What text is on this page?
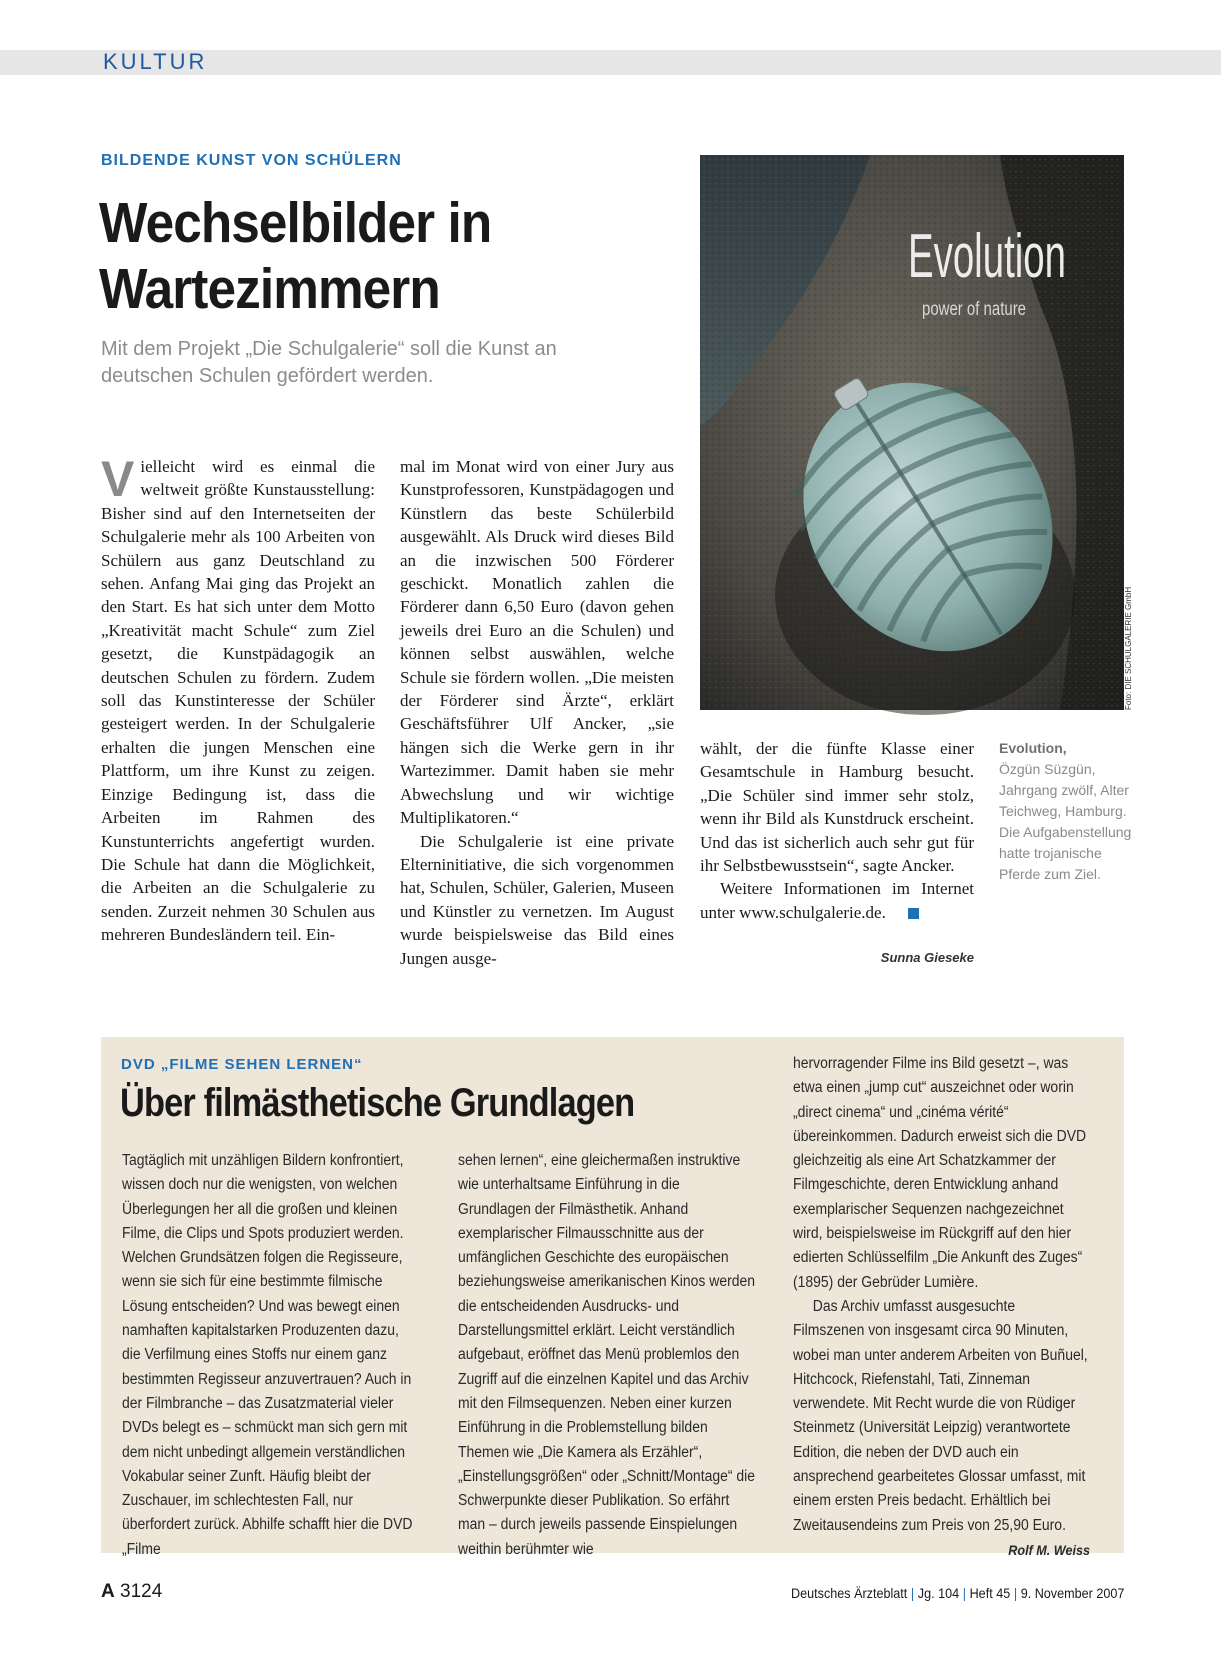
KULTUR
BILDENDE KUNST VON SCHÜLERN
Wechselbilder in
Wartezimmern
Mit dem Projekt „Die Schulgalerie“ soll die Kunst an deutschen Schulen gefördert werden.

Vielleicht wird es einmal die weltweit größte Kunstausstellung: Bisher sind auf den Internetseiten der Schulgalerie mehr als 100 Arbeiten von Schülern aus ganz Deutschland zu sehen. Anfang Mai ging das Projekt an den Start. Es hat sich unter dem Motto „Kreativität macht Schule“ zum Ziel gesetzt, die Kunstpädagogik an deutschen Schulen zu fördern. Zudem soll das Kunstinteresse der Schüler gesteigert werden. In der Schulgalerie erhalten die jungen Menschen eine Plattform, um ihre Kunst zu zeigen. Einzige Bedingung ist, dass die Arbeiten im Rahmen des Kunstunterrichts angefertigt wurden. Die Schule hat dann die Möglichkeit, die Arbeiten an die Schulgalerie zu senden. Zurzeit nehmen 30 Schulen aus mehreren Bundesländern teil. Ein-

mal im Monat wird von einer Jury aus Kunstprofessoren, Kunstpädagogen und Künstlern das beste Schülerbild ausgewählt. Als Druck wird dieses Bild an die inzwischen 500 Förderer geschickt. Monatlich zahlen die Förderer dann 6,50 Euro (davon gehen jeweils drei Euro an die Schulen) und können selbst auswählen, welche Schule sie fördern wollen. „Die meisten der Förderer sind Ärzte“, erklärt Geschäftsführer Ulf Ancker, „sie hängen sich die Werke gern in ihr Wartezimmer. Damit haben sie mehr Abwechslung und wir wichtige Multiplikatoren.“

Die Schulgalerie ist eine private Elterninitiative, die sich vorgenommen hat, Schulen, Schüler, Galerien, Museen und Künstler zu vernetzen. Im August wurde beispielsweise das Bild eines Jungen ausge-

wählt, der die fünfte Klasse einer Gesamtschule in Hamburg besucht. „Die Schüler sind immer sehr stolz, wenn ihr Bild als Kunstdruck erscheint. Und das ist sicherlich auch sehr gut für ihr Selbstbewusstsein“, sagte Ancker.

Weitere Informationen im Internet unter www.schulgalerie.de.

Sunna Gieseke
Evolution
power of nature
Foto: DIE SCHULGALERIE GmbH
Evolution,
Özgün Süzgün, Jahrgang zwölf, Alter Teichweg, Hamburg. Die Aufgabenstellung hatte trojanische Pferde zum Ziel.
DVD „FILME SEHEN LERNEN“
Über filmästhetische Grundlagen

Tagtäglich mit unzähligen Bildern konfrontiert, wissen doch nur die wenigsten, von welchen Überlegungen her all die großen und kleinen Filme, die Clips und Spots produziert werden. Welchen Grundsätzen folgen die Regisseure, wenn sie sich für eine bestimmte filmische Lösung entscheiden? Und was bewegt einen namhaften kapitalstarken Produzenten dazu, die Verfilmung eines Stoffs nur einem ganz bestimmten Regisseur anzuvertrauen? Auch in der Filmbranche – das Zusatzmaterial vieler DVDs belegt es – schmückt man sich gern mit dem nicht unbedingt allgemein verständlichen Vokabular seiner Zunft. Häufig bleibt der Zuschauer, im schlechtesten Fall, nur überfordert zurück. Abhilfe schafft hier die DVD „Filme

sehen lernen“, eine gleichermaßen instruktive wie unterhaltsame Einführung in die Grundlagen der Filmästhetik. Anhand exemplarischer Filmausschnitte aus der umfänglichen Geschichte des europäischen beziehungsweise amerikanischen Kinos werden die entscheidenden Ausdrucks- und Darstellungsmittel erklärt. Leicht verständlich aufgebaut, eröffnet das Menü problemlos den Zugriff auf die einzelnen Kapitel und das Archiv mit den Filmsequenzen. Neben einer kurzen Einführung in die Problemstellung bilden Themen wie „Die Kamera als Erzähler“, „Einstellungsgrößen“ oder „Schnitt/Montage“ die Schwerpunkte dieser Publikation. So erfährt man – durch jeweils passende Einspielungen weithin berühmter wie

hervorragender Filme ins Bild gesetzt –, was etwa einen „jump cut“ auszeichnet oder worin „direct cinema“ und „cinéma vérité“ übereinkommen. Dadurch erweist sich die DVD gleichzeitig als eine Art Schatzkammer der Filmgeschichte, deren Entwicklung anhand exemplarischer Sequenzen nachgezeichnet wird, beispielsweise im Rückgriff auf den hier edierten Schlüsselfilm „Die Ankunft des Zuges“ (1895) der Gebrüder Lumière.

Das Archiv umfasst ausgesuchte Filmszenen von insgesamt circa 90 Minuten, wobei man unter anderem Arbeiten von Buñuel, Hitchcock, Riefenstahl, Tati, Zinneman verwendete. Mit Recht wurde die von Rüdiger Steinmetz (Universität Leipzig) verantwortete Edition, die neben der DVD auch ein ansprechend gearbeitetes Glossar umfasst, mit einem ersten Preis bedacht. Erhältlich bei Zweitausendeins zum Preis von 25,90 Euro.
Rolf M. Weiss

A 3124	Deutsches Ärzteblatt | Jg. 104 | Heft 45 | 9. November 2007
